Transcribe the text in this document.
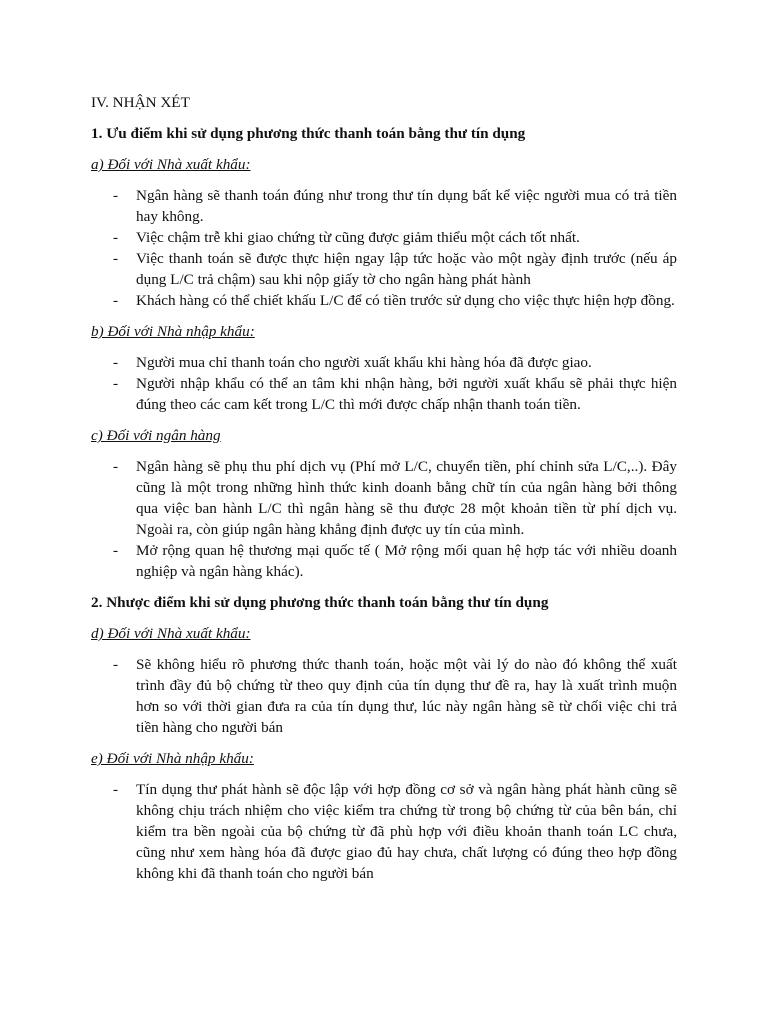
IV. NHẬN XÉT

1. Ưu điểm khi sử dụng phương thức thanh toán bằng thư tín dụng

a) Đối với Nhà xuất khẩu:

- Ngân hàng sẽ thanh toán đúng như trong thư tín dụng bất kể việc người mua có trả tiền hay không.
- Việc chậm trễ khi giao chứng từ cũng được giảm thiểu một cách tốt nhất.
- Việc thanh toán sẽ được thực hiện ngay lập tức hoặc vào một ngày định trước (nếu áp dụng L/C trả chậm) sau khi nộp giấy tờ cho ngân hàng phát hành
- Khách hàng có thể chiết khấu L/C để có tiền trước sử dụng cho việc thực hiện hợp đồng.

b) Đối với Nhà nhập khẩu:

- Người mua chỉ thanh toán cho người xuất khẩu khi hàng hóa đã được giao.
- Người nhập khẩu có thể an tâm khi nhận hàng, bởi người xuất khẩu sẽ phải thực hiện đúng theo các cam kết trong L/C thì mới được chấp nhận thanh toán tiền.

c) Đối với ngân hàng

- Ngân hàng sẽ phụ thu phí dịch vụ (Phí mở L/C, chuyển tiền, phí chỉnh sửa L/C,..). Đây cũng là một trong những hình thức kinh doanh bằng chữ tín của ngân hàng bởi thông qua việc ban hành L/C thì ngân hàng sẽ thu được 28 một khoản tiền từ phí dịch vụ. Ngoài ra, còn giúp ngân hàng khẳng định được uy tín của mình.
- Mở rộng quan hệ thương mại quốc tế ( Mở rộng mối quan hệ hợp tác với nhiều doanh nghiệp và ngân hàng khác).

2. Nhược điểm khi sử dụng phương thức thanh toán bằng thư tín dụng

d) Đối với Nhà xuất khẩu:

- Sẽ không hiểu rõ phương thức thanh toán, hoặc một vài lý do nào đó không thể xuất trình đầy đủ bộ chứng từ theo quy định của tín dụng thư đề ra, hay là xuất trình muộn hơn so với thời gian đưa ra của tín dụng thư, lúc này ngân hàng sẽ từ chối việc chi trả tiền hàng cho người bán

e) Đối với Nhà nhập khẩu:

- Tín dụng thư phát hành sẽ độc lập với hợp đồng cơ sở và ngân hàng phát hành cũng sẽ không chịu trách nhiệm cho việc kiểm tra chứng từ trong bộ chứng từ của bên bán, chỉ kiểm tra bền ngoài của bộ chứng từ đã phù hợp với điều khoản thanh toán LC chưa, cũng như xem hàng hóa đã được giao đủ hay chưa, chất lượng có đúng theo hợp đồng không khi đã thanh toán cho người bán
